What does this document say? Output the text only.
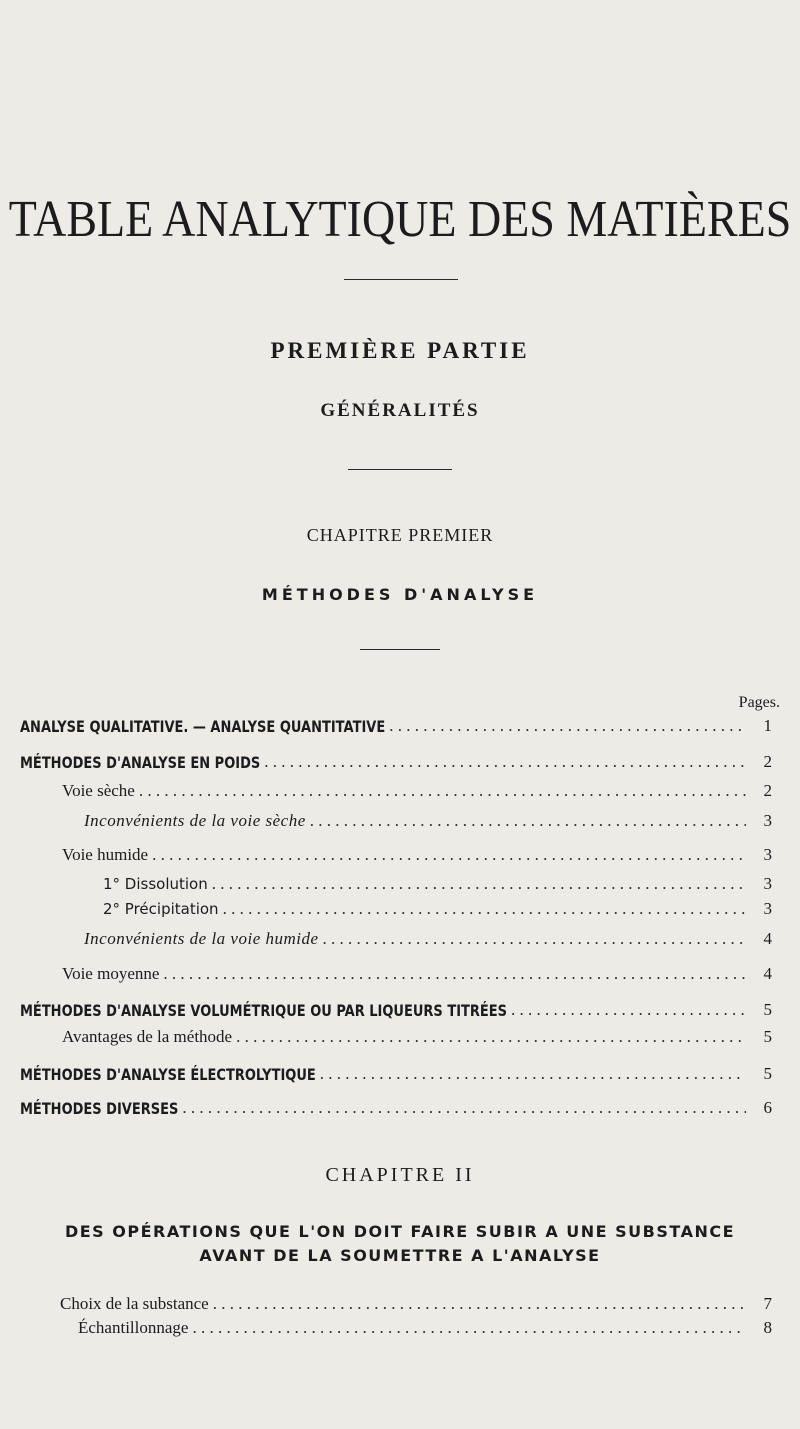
TABLE ANALYTIQUE DES MATIÈRES
PREMIÈRE PARTIE
GÉNÉRALITÉS
CHAPITRE PREMIER
MÉTHODES D'ANALYSE
Pages.
ANALYSE QUALITATIVE. — ANALYSE QUANTITATIVE . . .	1
MÉTHODES D'ANALYSE EN POIDS . . .	2
Voie sèche . . .	2
Inconvénients de la voie sèche . . .	3
Voie humide . . .	3
1° Dissolution . . .	3
2° Précipitation . . .	3
Inconvénients de la voie humide . . .	4
Voie moyenne . . .	4
MÉTHODES D'ANALYSE VOLUMÉTRIQUE OU PAR LIQUEURS TITRÉES . . .	5
Avantages de la méthode . . .	5
MÉTHODES D'ANALYSE ÉLECTROLYTIQUE . . .	5
MÉTHODES DIVERSES . . .	6
CHAPITRE II
DES OPÉRATIONS QUE L'ON DOIT FAIRE SUBIR A UNE SUBSTANCE
AVANT DE LA SOUMETTRE A L'ANALYSE
Choix de la substance . . .	7
Échantillonnage . . .	8
